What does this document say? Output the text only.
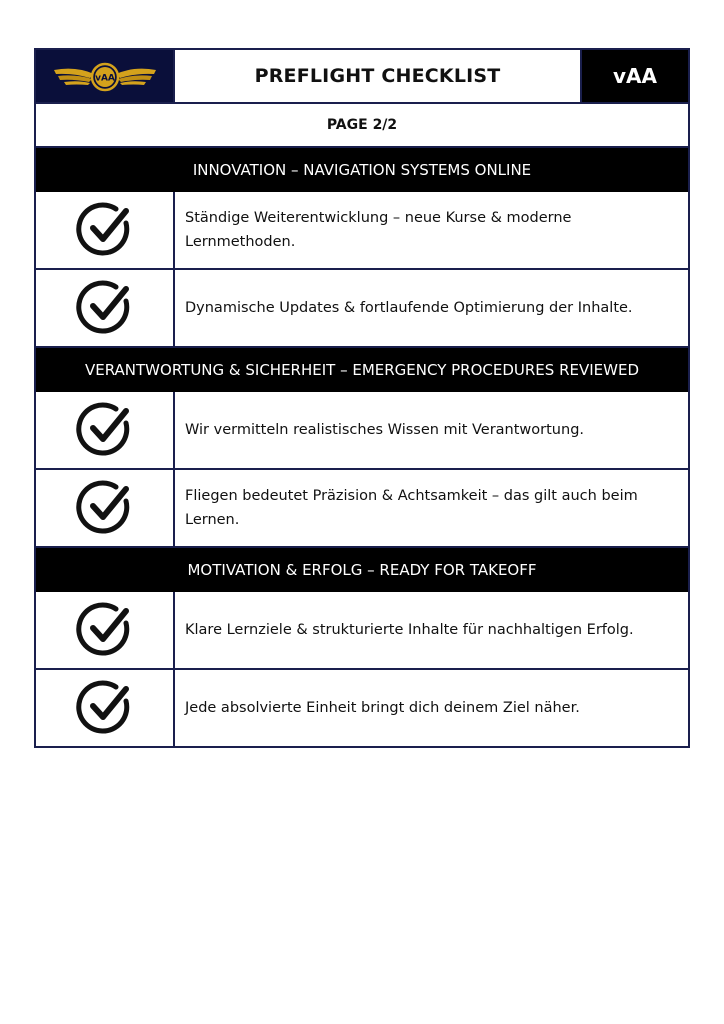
vAA	PREFLIGHT CHECKLIST	vAA
PAGE 2/2
INNOVATION – NAVIGATION SYSTEMS ONLINE
Ständige Weiterentwicklung – neue Kurse & moderne Lernmethoden.
Dynamische Updates & fortlaufende Optimierung der Inhalte.
VERANTWORTUNG & SICHERHEIT – EMERGENCY PROCEDURES REVIEWED
Wir vermitteln realistisches Wissen mit Verantwortung.
Fliegen bedeutet Präzision & Achtsamkeit – das gilt auch beim Lernen.
MOTIVATION & ERFOLG – READY FOR TAKEOFF
Klare Lernziele & strukturierte Inhalte für nachhaltigen Erfolg.
Jede absolvierte Einheit bringt dich deinem Ziel näher.
